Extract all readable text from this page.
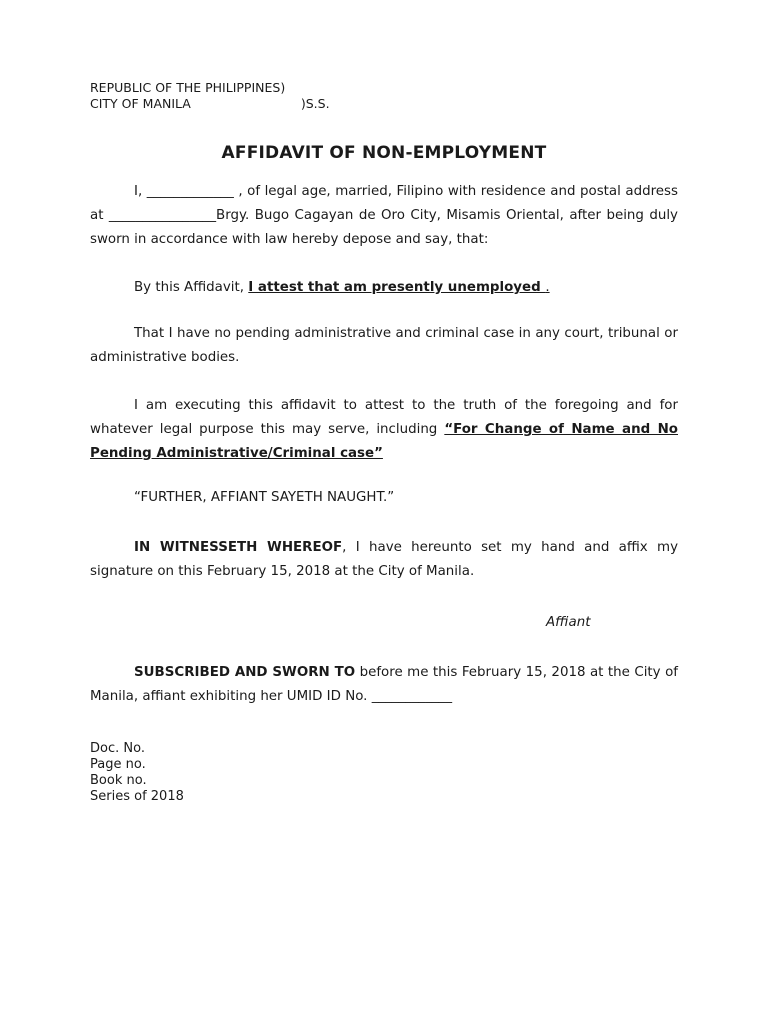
REPUBLIC OF THE PHILIPPINES)
CITY OF MANILA	)S.S.
AFFIDAVIT OF NON-EMPLOYMENT

I, _____________ , of legal age, married, Filipino with residence and postal address at ________________Brgy. Bugo Cagayan de Oro City, Misamis Oriental, after being duly sworn in accordance with law hereby depose and say, that:

By this Affidavit, I attest that am presently unemployed .

That I have no pending administrative and criminal case in any court, tribunal or administrative bodies.

I am executing this affidavit to attest to the truth of the foregoing and for whatever legal purpose this may serve, including “For Change of Name and No Pending Administrative/Criminal case”

“FURTHER, AFFIANT SAYETH NAUGHT.”

IN WITNESSETH WHEREOF, I have hereunto set my hand and affix my signature on this February 15, 2018 at the City of Manila.

Affiant

SUBSCRIBED AND SWORN TO before me this February 15, 2018 at the City of Manila, affiant exhibiting her UMID ID No. ____________

Doc. No.
Page no.
Book no.
Series of 2018
